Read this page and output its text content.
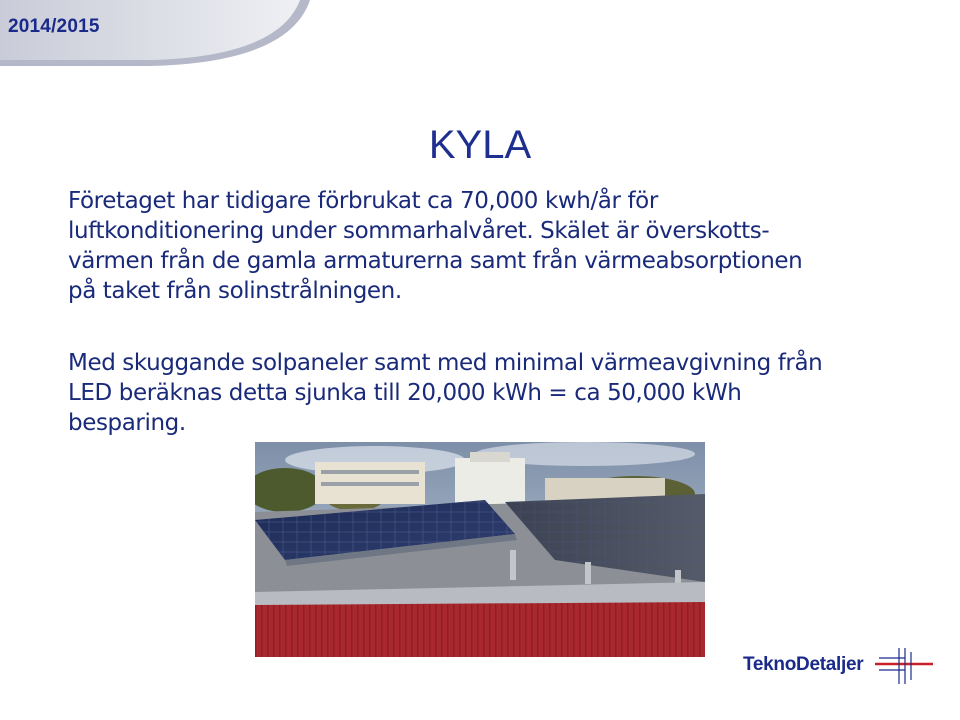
2014/2015
KYLA

Företaget har tidigare förbrukat ca 70,000 kwh/år för
luftkonditionering under sommarhalvåret. Skälet är överskotts-
värmen från de gamla armaturerna samt från värmeabsorptionen
på taket från solinstrålningen.

Med skuggande solpaneler samt med minimal värmeavgivning från
LED beräknas detta sjunka till 20,000 kWh = ca 50,000 kWh
besparing.

TeknoDetaljer
